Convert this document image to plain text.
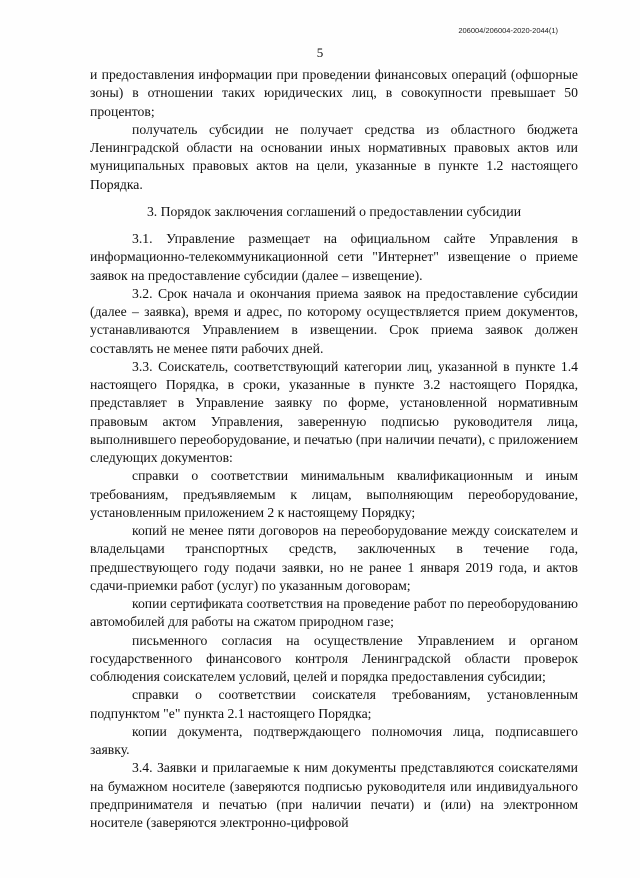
206004/206004-2020-2044(1)
5

и предоставления информации при проведении финансовых операций (офшорные зоны) в отношении таких юридических лиц, в совокупности превышает 50 процентов;

получатель субсидии не получает средства из областного бюджета Ленинградской области на основании иных нормативных правовых актов или муниципальных правовых актов на цели, указанные в пункте 1.2 настоящего Порядка.

3. Порядок заключения соглашений о предоставлении субсидии

3.1. Управление размещает на официальном сайте Управления в информационно-телекоммуникационной сети "Интернет" извещение о приеме заявок на предоставление субсидии (далее – извещение).

3.2. Срок начала и окончания приема заявок на предоставление субсидии (далее – заявка), время и адрес, по которому осуществляется прием документов, устанавливаются Управлением в извещении. Срок приема заявок должен составлять не менее пяти рабочих дней.

3.3. Соискатель, соответствующий категории лиц, указанной в пункте 1.4 настоящего Порядка, в сроки, указанные в пункте 3.2 настоящего Порядка, представляет в Управление заявку по форме, установленной нормативным правовым актом Управления, заверенную подписью руководителя лица, выполнившего переоборудование, и печатью (при наличии печати), с приложением следующих документов:

справки о соответствии минимальным квалификационным и иным требованиям, предъявляемым к лицам, выполняющим переоборудование, установленным приложением 2 к настоящему Порядку;

копий не менее пяти договоров на переоборудование между соискателем и владельцами транспортных средств, заключенных в течение года, предшествующего году подачи заявки, но не ранее 1 января 2019 года, и актов сдачи-приемки работ (услуг) по указанным договорам;

копии сертификата соответствия на проведение работ по переоборудованию автомобилей для работы на сжатом природном газе;

письменного согласия на осуществление Управлением и органом государственного финансового контроля Ленинградской области проверок соблюдения соискателем условий, целей и порядка предоставления субсидии;

справки о соответствии соискателя требованиям, установленным подпунктом "е" пункта 2.1 настоящего Порядка;

копии документа, подтверждающего полномочия лица, подписавшего заявку.

3.4. Заявки и прилагаемые к ним документы представляются соискателями на бумажном носителе (заверяются подписью руководителя или индивидуального предпринимателя и печатью (при наличии печати) и (или) на электронном носителе (заверяются электронно-цифровой
